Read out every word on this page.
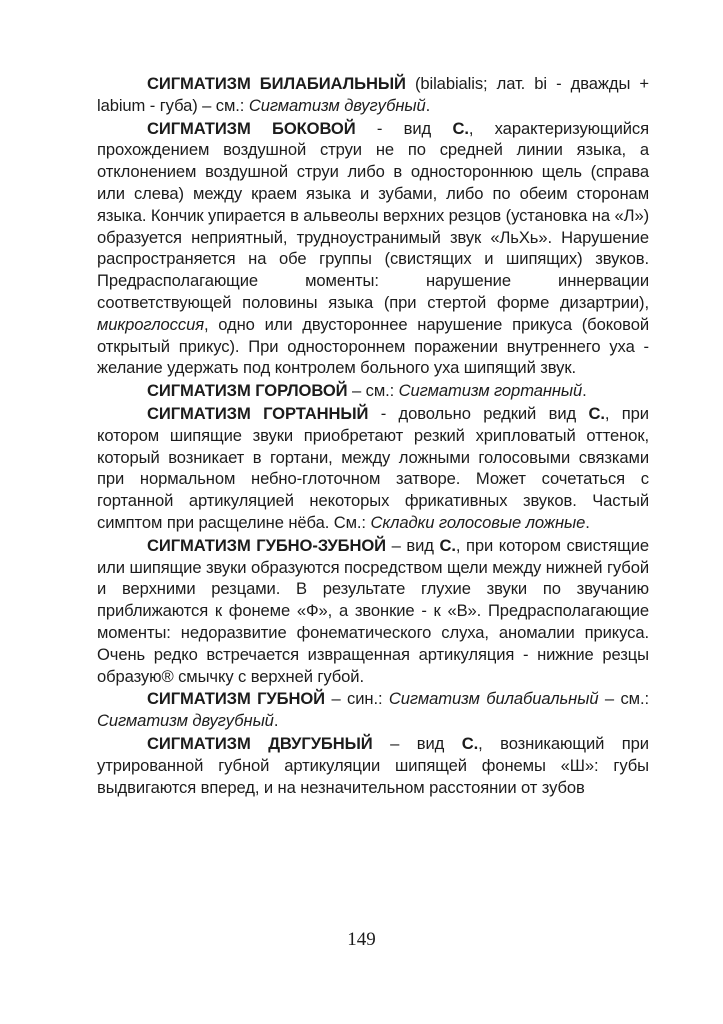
СИГМАТИЗМ БИЛАБИАЛЬНЫЙ (bilabialis; лат. bi - дважды + labium - губа) – см.: Сигматизм двугубный.

СИГМАТИЗМ БОКОВОЙ - вид С., характеризующийся прохождением воздушной струи не по средней линии языка, а отклонением воздушной струи либо в одностороннюю щель (справа или слева) между краем языка и зубами, либо по обеим сторонам языка. Кончик упирается в альвеолы верхних резцов (установка на «Л») образуется неприятный, трудноустранимый звук «ЛьХь». Нарушение распространяется на обе группы (свистящих и шипящих) звуков. Предрасполагающие моменты: нарушение иннервации соответствующей половины языка (при стертой форме дизартрии), микроглоссия, одно или двустороннее нарушение прикуса (боковой открытый прикус). При одностороннем поражении внутреннего уха - желание удержать под контролем больного уха шипящий звук.

СИГМАТИЗМ ГОРЛОВОЙ – см.: Сигматизм гортанный.

СИГМАТИЗМ ГОРТАННЫЙ - довольно редкий вид С., при котором шипящие звуки приобретают резкий хрипловатый оттенок, который возникает в гортани, между ложными голосовыми связками при нормальном небно-глоточном затворе. Может сочетаться с гортанной артикуляцией некоторых фрикативных звуков. Частый симптом при расщелине нёба. См.: Складки голосовые ложные.

СИГМАТИЗМ ГУБНО-ЗУБНОЙ – вид С., при котором свистящие или шипящие звуки образуются посредством щели между нижней губой и верхними резцами. В результате глухие звуки по звучанию приближаются к фонеме «Ф», а звонкие - к «В». Предрасполагающие моменты: недоразвитие фонематического слуха, аномалии прикуса. Очень редко встречается извращенная артикуляция - нижние резцы образую® смычку с верхней губой.

СИГМАТИЗМ ГУБНОЙ – син.: Сигматизм билабиальный – см.: Сигматизм двугубный.

СИГМАТИЗМ ДВУГУБНЫЙ – вид С., возникающий при утрированной губной артикуляции шипящей фонемы «Ш»: губы выдвигаются вперед, и на незначительном расстоянии от зубов

149
